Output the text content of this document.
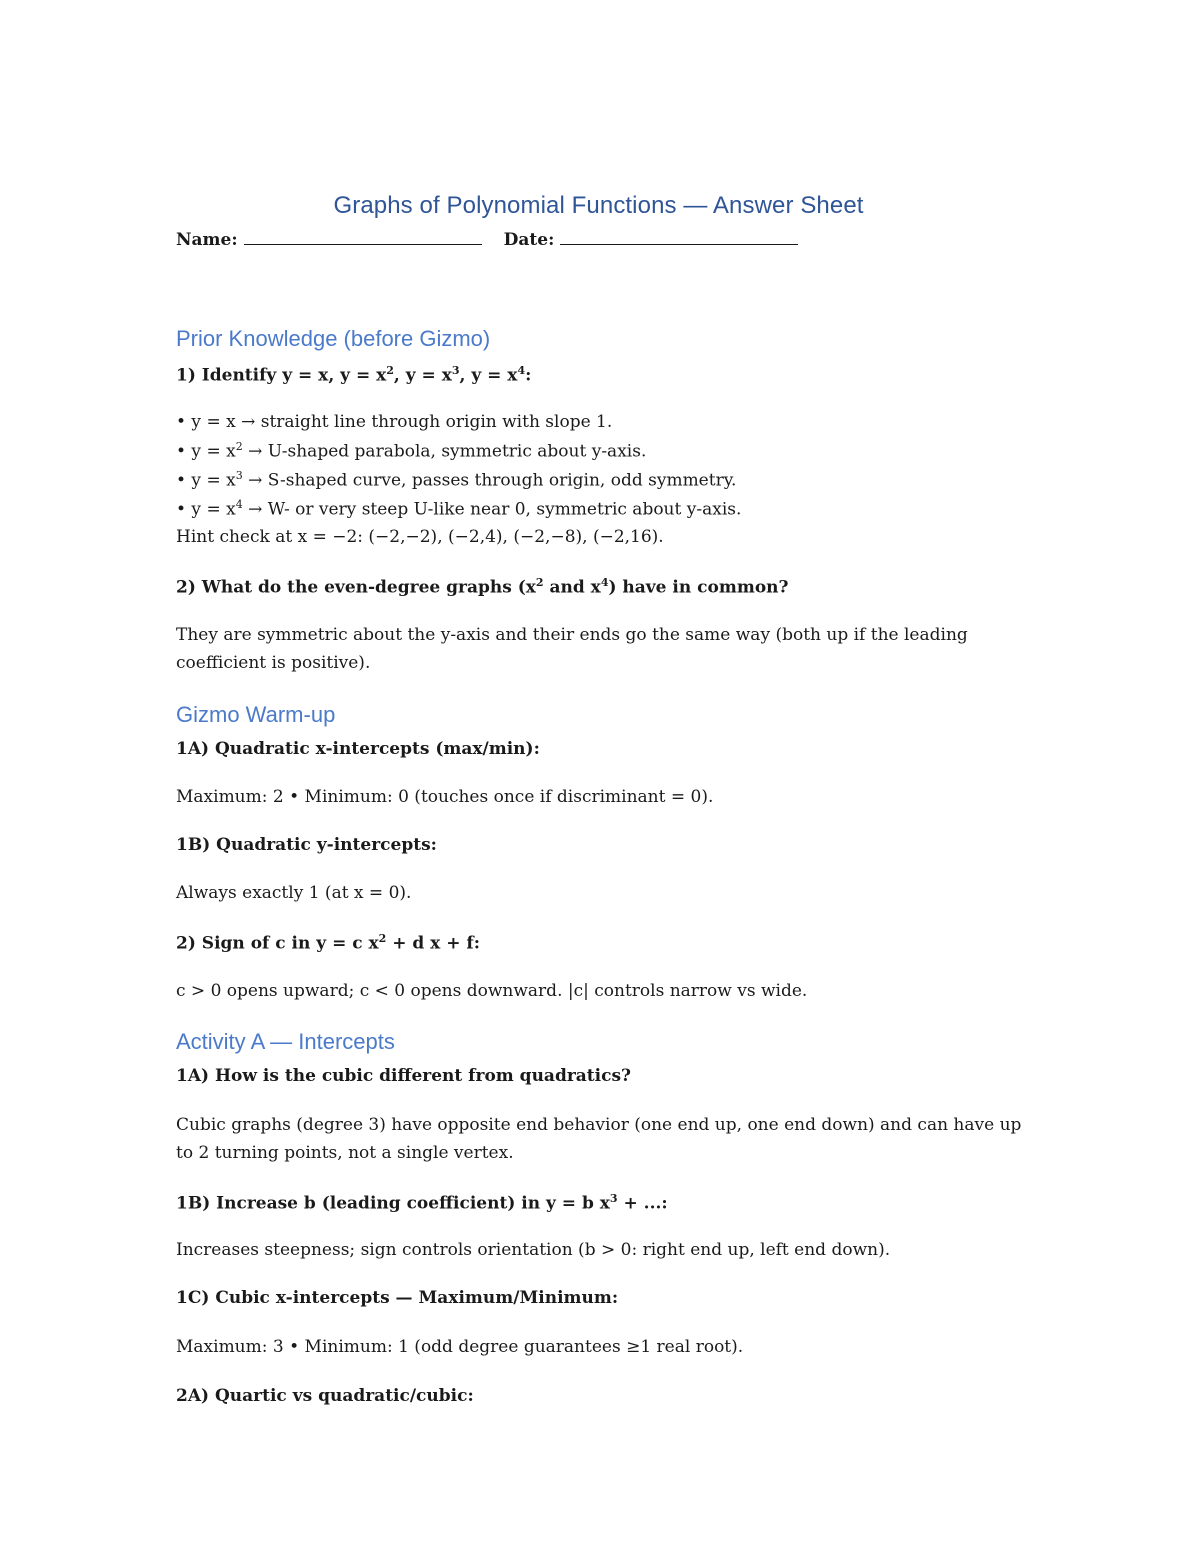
Graphs of Polynomial Functions — Answer Sheet
Name:	Date:
Prior Knowledge (before Gizmo)
1) Identify y = x, $y = x^2$, $y = x^3$, $y = x^4$:
• y = x → straight line through origin with slope 1.
• $y = x^2$ → U-shaped parabola, symmetric about y-axis.
• $y = x^3$ → S-shaped curve, passes through origin, odd symmetry.
• $y = x^4 \to W-$ or very steep U-like near 0, symmetric about y-axis.
Hint check at x = −2: (−2,−2), (−2,4), (−2,−8), (−2,16).
2) What do the even-degree graphs ($x^2$ and $x^4$) have in common?
They are symmetric about the y-axis and their ends go the same way (both up if the leading coefficient is positive).
Gizmo Warm-up
1A) Quadratic x-intercepts (max/min):
Maximum: 2 • Minimum: 0 (touches once if discriminant = 0).
1B) Quadratic y-intercepts:
Always exactly 1 (at x = 0).
2) Sign of c in y = c $x^2 + d$ x + f:
c > 0 opens upward; c < 0 opens downward. |c| controls narrow vs wide.
Activity A — Intercepts
1A) How is the cubic different from quadratics?
Cubic graphs (degree 3) have opposite end behavior (one end up, one end down) and can have up to 2 turning points, not a single vertex.
1B) Increase b (leading coefficient) in y = b $x^3$ + ...:
Increases steepness; sign controls orientation (b > 0: right end up, left end down).
1C) Cubic x-intercepts — Maximum/Minimum:
Maximum: 3 • Minimum: 1 (odd degree guarantees ≥1 real root).
2A) Quartic vs quadratic/cubic:
